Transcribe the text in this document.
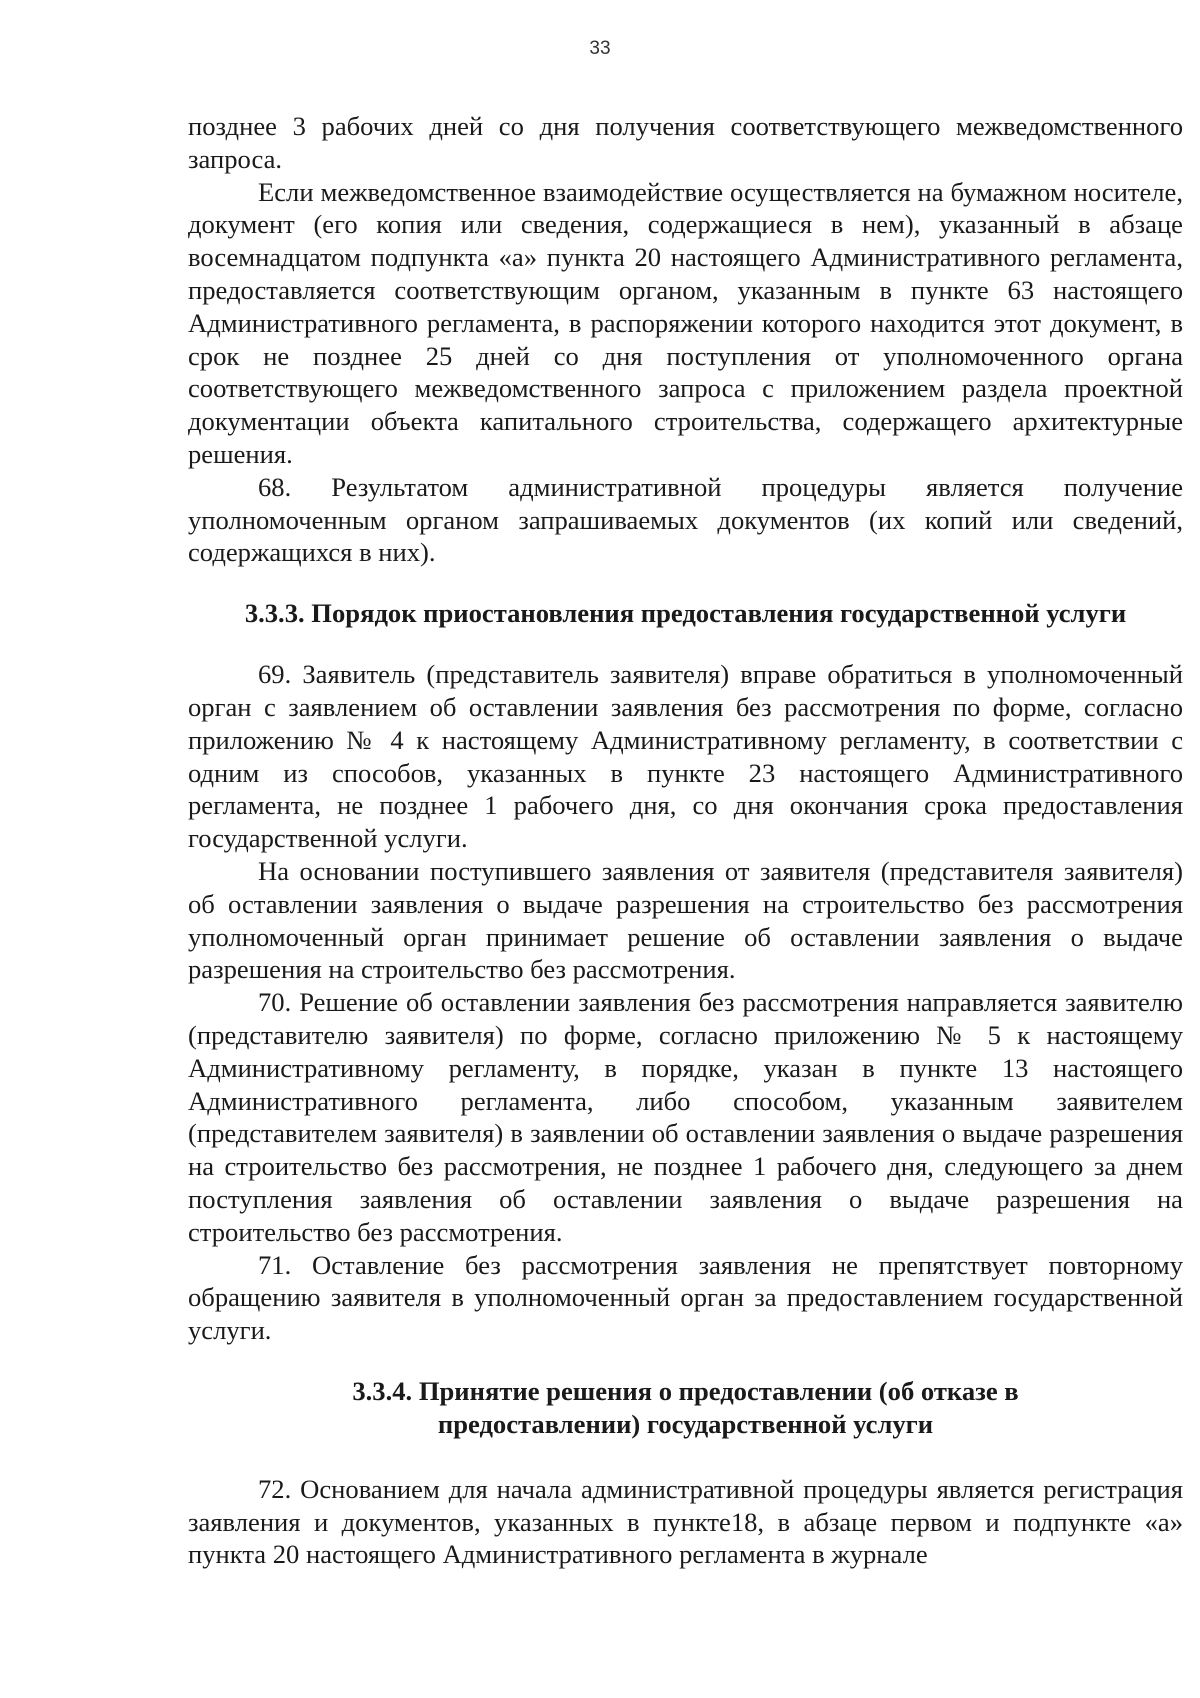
33

позднее 3 рабочих дней со дня получения соответствующего межведомственного запроса.

Если межведомственное взаимодействие осуществляется на бумажном носителе, документ (его копия или сведения, содержащиеся в нем), указанный в абзаце восемнадцатом подпункта «а» пункта 20 настоящего Административного регламента, предоставляется соответствующим органом, указанным в пункте 63 настоящего Административного регламента, в распоряжении которого находится этот документ, в срок не позднее 25 дней со дня поступления от уполномоченного органа соответствующего межведомственного запроса с приложением раздела проектной документации объекта капитального строительства, содержащего архитектурные решения.

68. Результатом административной процедуры является получение уполномоченным органом запрашиваемых документов (их копий или сведений, содержащихся в них).

3.3.3. Порядок приостановления предоставления государственной услуги

69. Заявитель (представитель заявителя) вправе обратиться в уполномоченный орган с заявлением об оставлении заявления без рассмотрения по форме, согласно приложению № 4 к настоящему Административному регламенту, в соответствии с одним из способов, указанных в пункте 23 настоящего Административного регламента, не позднее 1 рабочего дня, со дня окончания срока предоставления государственной услуги.

На основании поступившего заявления от заявителя (представителя заявителя) об оставлении заявления о выдаче разрешения на строительство без рассмотрения уполномоченный орган принимает решение об оставлении заявления о выдаче разрешения на строительство без рассмотрения.

70. Решение об оставлении заявления без рассмотрения направляется заявителю (представителю заявителя) по форме, согласно приложению № 5 к настоящему Административному регламенту, в порядке, указан в пункте 13 настоящего Административного регламента, либо способом, указанным заявителем (представителем заявителя) в заявлении об оставлении заявления о выдаче разрешения на строительство без рассмотрения, не позднее 1 рабочего дня, следующего за днем поступления заявления об оставлении заявления о выдаче разрешения на строительство без рассмотрения.

71. Оставление без рассмотрения заявления не препятствует повторному обращению заявителя в уполномоченный орган за предоставлением государственной услуги.

3.3.4. Принятие решения о предоставлении (об отказе в
предоставлении) государственной услуги

72. Основанием для начала административной процедуры является регистрация заявления и документов, указанных в пункте18, в абзаце первом и подпункте «а» пункта 20 настоящего Административного регламента в журнале
